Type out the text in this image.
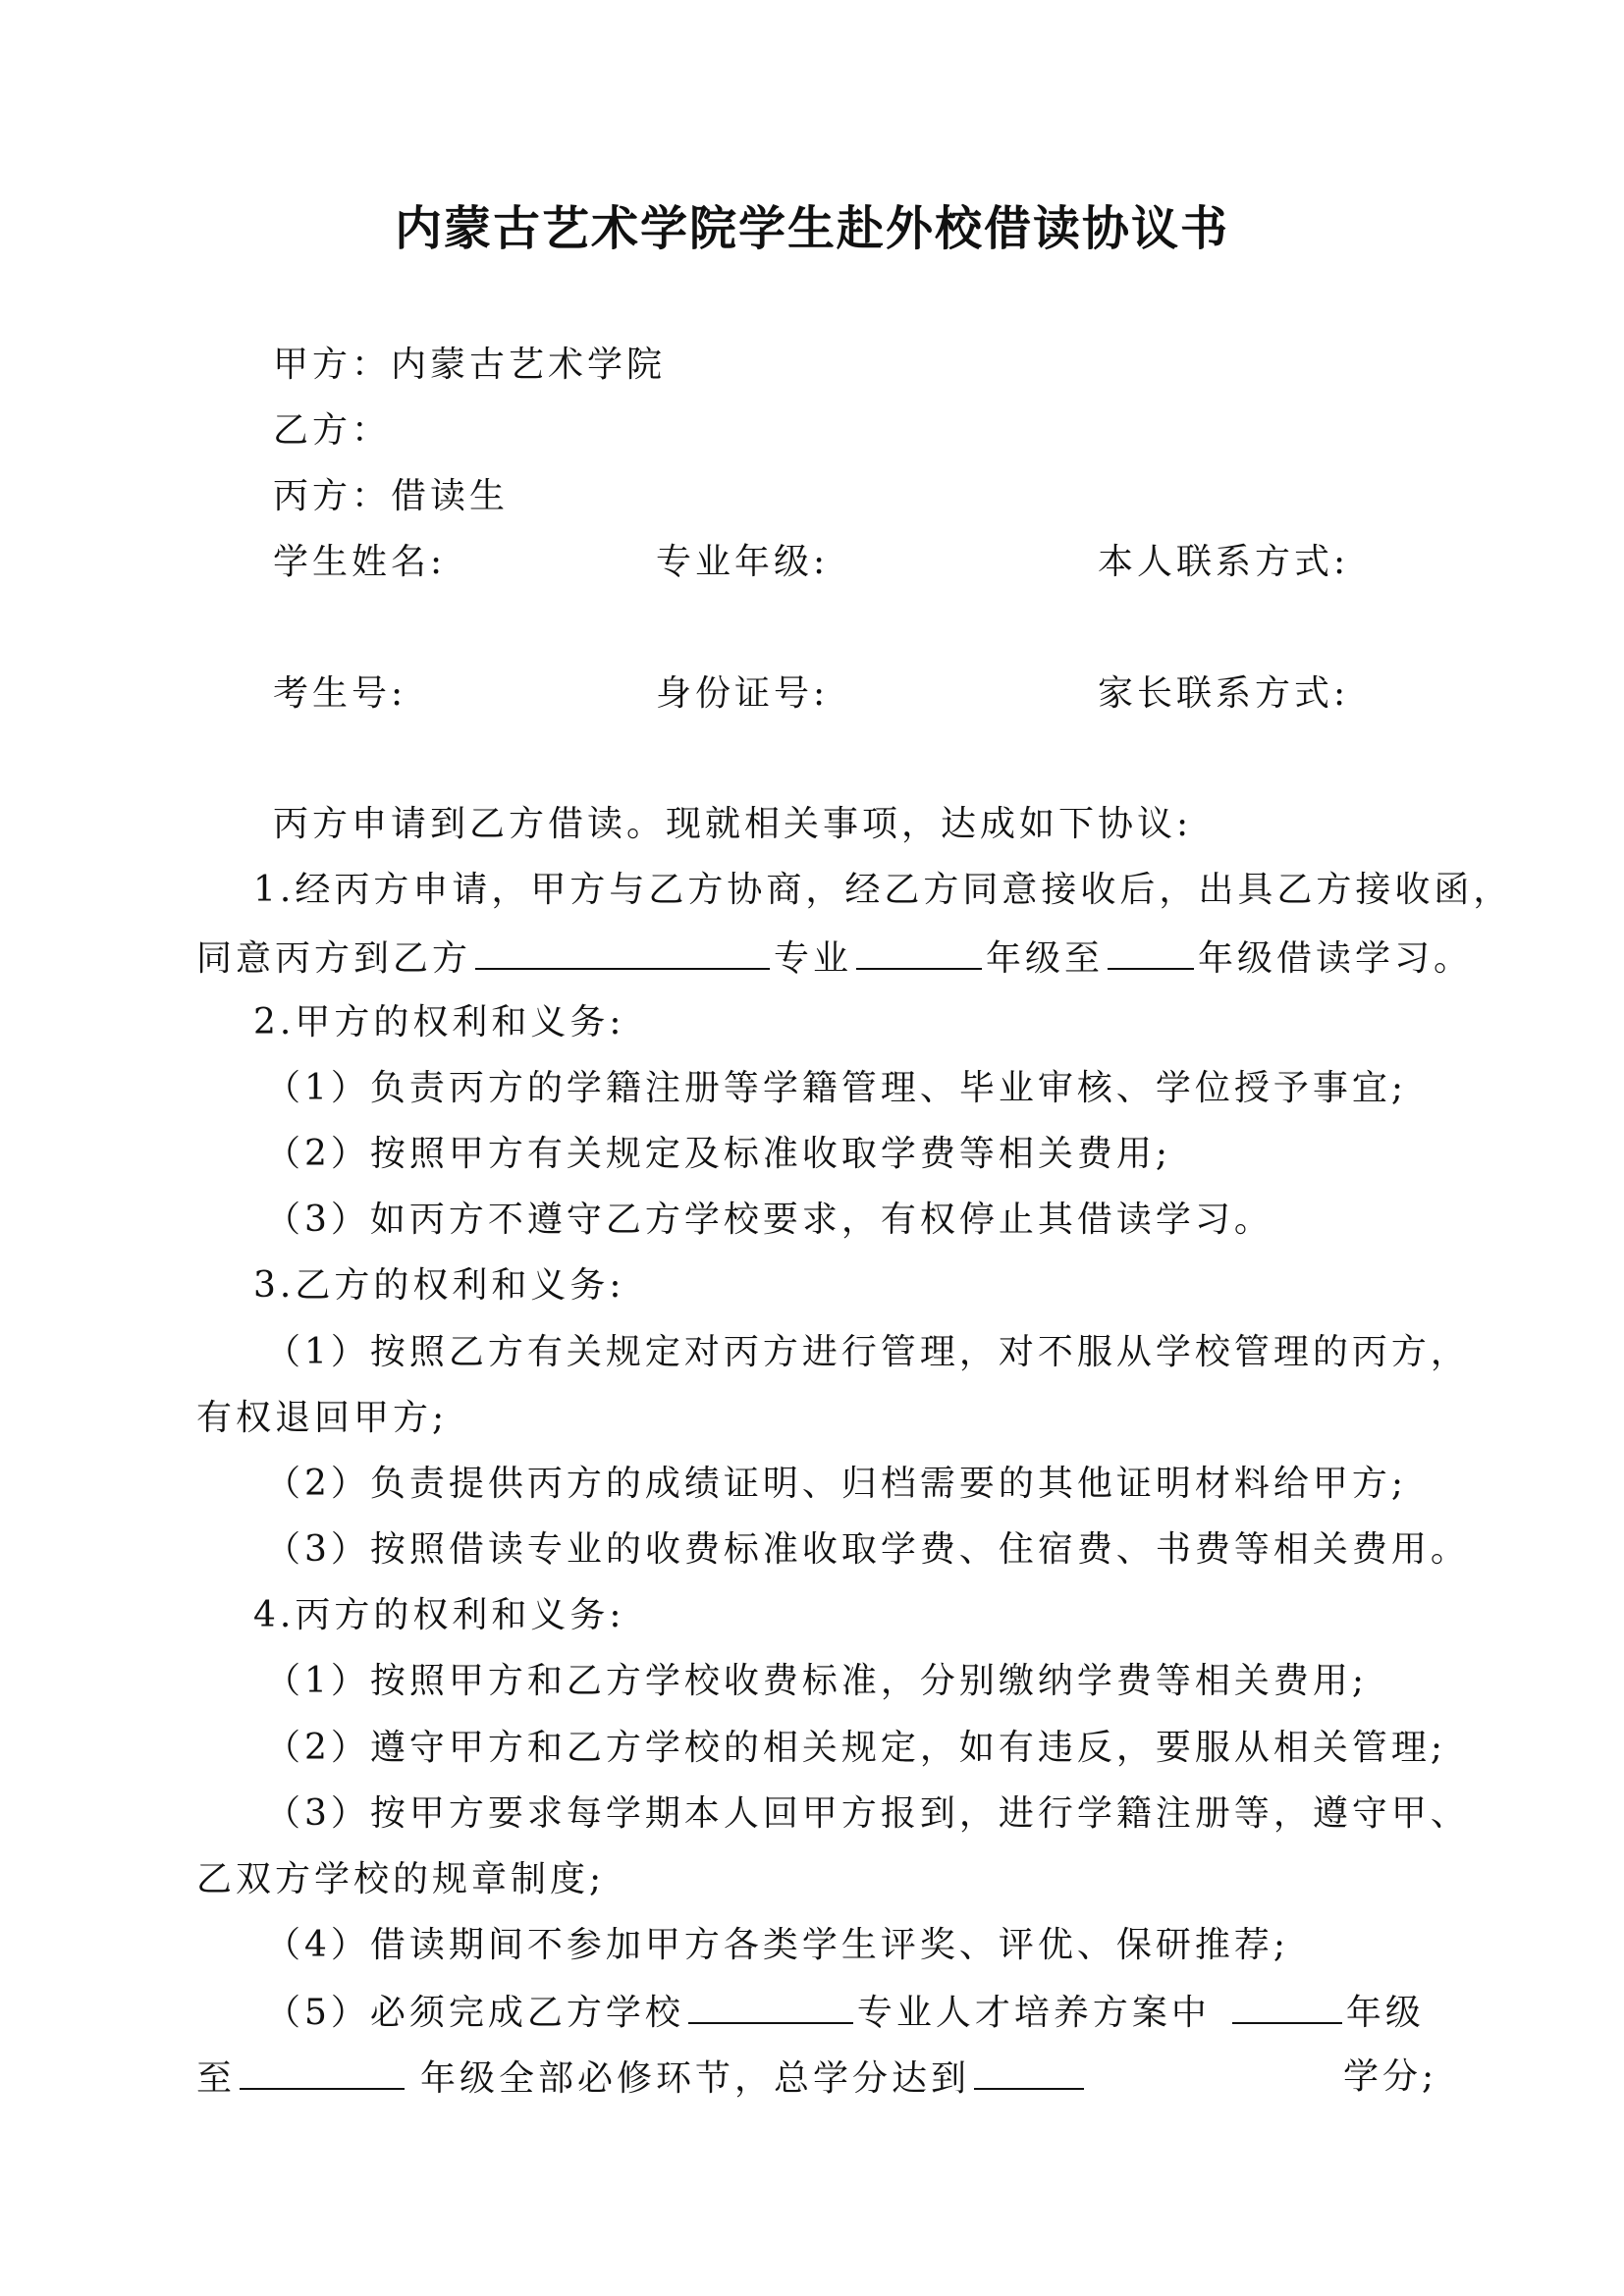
内蒙古艺术学院学生赴外校借读协议书
甲方：内蒙古艺术学院
乙方：
丙方：借读生
学生姓名:	专业年级:	本人联系方式:
考生号:	身份证号:	家长联系方式:
丙方申请到乙方借读。现就相关事项，达成如下协议:
1.经丙方申请，甲方与乙方协商，经乙方同意接收后，出具乙方接收函，
同意丙方到乙方	专业	年级至	年级借读学习。
2.甲方的权利和义务:
（1）负责丙方的学籍注册等学籍管理、毕业审核、学位授予事宜;
（2）按照甲方有关规定及标准收取学费等相关费用;
（3）如丙方不遵守乙方学校要求，有权停止其借读学习。
3.乙方的权利和义务:
（1）按照乙方有关规定对丙方进行管理，对不服从学校管理的丙方，
有权退回甲方;
（2）负责提供丙方的成绩证明、归档需要的其他证明材料给甲方;
（3）按照借读专业的收费标准收取学费、住宿费、书费等相关费用。
4.丙方的权利和义务:
（1）按照甲方和乙方学校收费标准，分别缴纳学费等相关费用;
（2）遵守甲方和乙方学校的相关规定，如有违反，要服从相关管理;
（3）按甲方要求每学期本人回甲方报到，进行学籍注册等，遵守甲、
乙双方学校的规章制度;
（4）借读期间不参加甲方各类学生评奖、评优、保研推荐;
（5）必须完成乙方学校	专业人才培养方案中	年级
至	年级全部必修环节，总学分达到	学分;
